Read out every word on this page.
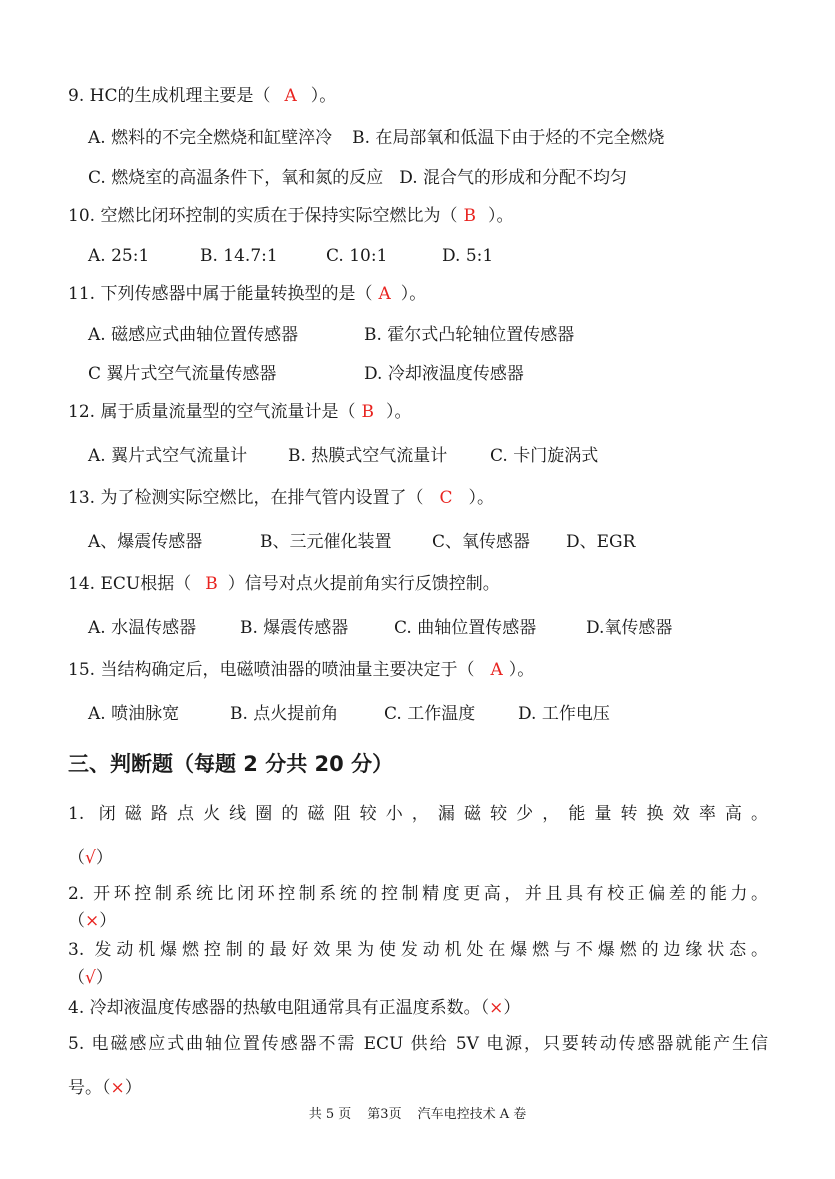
9. HC的生成机理主要是（ A ）。
A. 燃料的不完全燃烧和缸壁淬冷 B. 在局部氧和低温下由于烃的不完全燃烧
C. 燃烧室的高温条件下，氧和氮的反应 D. 混合气的形成和分配不均匀
10. 空燃比闭环控制的实质在于保持实际空燃比为（ B ）。
A. 25:1	B. 14.7:1	C. 10:1	D. 5:1
11. 下列传感器中属于能量转换型的是（ A ）。
A. 磁感应式曲轴位置传感器	B. 霍尔式凸轮轴位置传感器
C 翼片式空气流量传感器	D. 冷却液温度传感器
12. 属于质量流量型的空气流量计是（ B ）。
A. 翼片式空气流量计 B. 热膜式空气流量计	C. 卡门旋涡式
13. 为了检测实际空燃比，在排气管内设置了（ C ）。
A、爆震传感器	B、三元催化装置 C、氧传感器 D、EGR
14. ECU根据（ B ）信号对点火提前角实行反馈控制。
A. 水温传感器	B. 爆震传感器	C. 曲轴位置传感器	D.氧传感器
15. 当结构确定后，电磁喷油器的喷油量主要决定于（ A ）。
A. 喷油脉宽	B. 点火提前角	C. 工作温度	D. 工作电压
三、判断题（每题 2 分共 20 分）
1. 闭磁路点火线圈的磁阻较小，漏磁较少，能量转换效率高。
（√）
2. 开环控制系统比闭环控制系统的控制精度更高，并且具有校正偏差的能力。
（×）
3. 发动机爆燃控制的最好效果为使发动机处在爆燃与不爆燃的边缘状态。
（√）
4. 冷却液温度传感器的热敏电阻通常具有正温度系数。（×）
5. 电磁感应式曲轴位置传感器不需 ECU 供给 5V 电源，只要转动传感器就能产生信
号。（×）
共 5 页 第3页 汽车电控技术 A 卷
